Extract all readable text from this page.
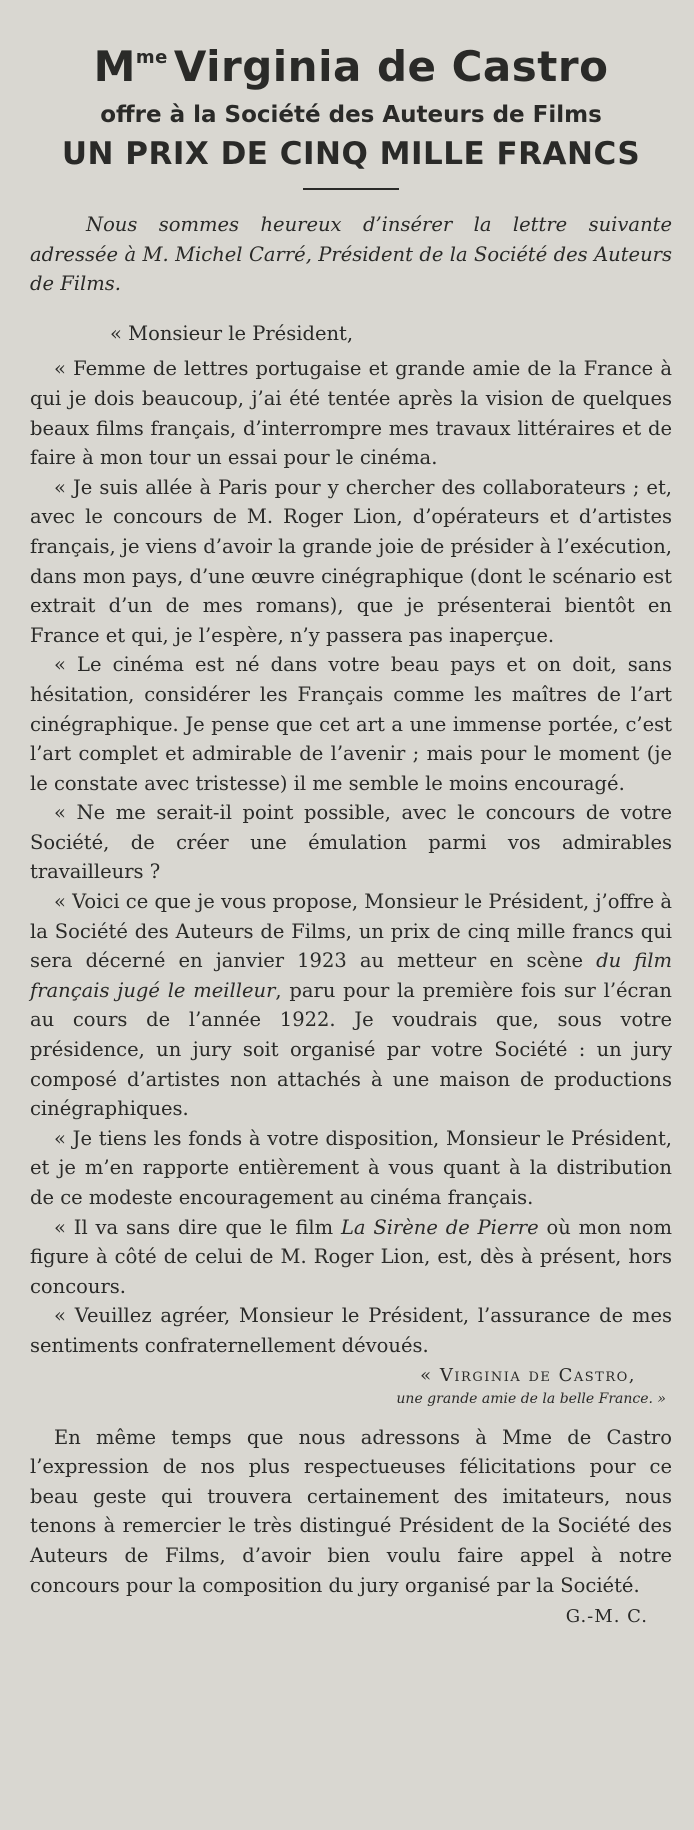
$M^{me}$ Virginia de Castro

offre à la Société des Auteurs de Films

UN PRIX DE CINQ MILLE FRANCS

Nous sommes heureux d’insérer la lettre suivante adressée à M. Michel Carré, Président de la Société des Auteurs de Films.

« Monsieur le Président,

« Femme de lettres portugaise et grande amie de la France à qui je dois beaucoup, j’ai été tentée après la vision de quelques beaux films français, d’interrompre mes travaux littéraires et de faire à mon tour un essai pour le cinéma.

« Je suis allée à Paris pour y chercher des collaborateurs ; et, avec le concours de M. Roger Lion, d’opérateurs et d’artistes français, je viens d’avoir la grande joie de présider à l’exécution, dans mon pays, d’une œuvre cinégraphique (dont le scénario est extrait d’un de mes romans), que je présenterai bientôt en France et qui, je l’espère, n’y passera pas inaperçue.

« Le cinéma est né dans votre beau pays et on doit, sans hésitation, considérer les Français comme les maîtres de l’art cinégraphique. Je pense que cet art a une immense portée, c’est l’art complet et admirable de l’avenir ; mais pour le moment (je le constate avec tristesse) il me semble le moins encouragé.

« Ne me serait-il point possible, avec le concours de votre Société, de créer une émulation parmi vos admirables travailleurs ?

« Voici ce que je vous propose, Monsieur le Président, j’offre à la Société des Auteurs de Films, un prix de cinq mille francs qui sera décerné en janvier 1923 au metteur en scène du film français jugé le meilleur, paru pour la première fois sur l’écran au cours de l’année 1922. Je voudrais que, sous votre présidence, un jury soit organisé par votre Société : un jury composé d’artistes non attachés à une maison de productions cinégraphiques.

« Je tiens les fonds à votre disposition, Monsieur le Président, et je m’en rapporte entièrement à vous quant à la distribution de ce modeste encouragement au cinéma français.

« Il va sans dire que le film La Sirène de Pierre où mon nom figure à côté de celui de M. Roger Lion, est, dès à présent, hors concours.

« Veuillez agréer, Monsieur le Président, l’assurance de mes sentiments confraternellement dévoués.

« Virginia de Castro,

une grande amie de la belle France. »

En même temps que nous adressons à Mme de Castro l’expression de nos plus respectueuses félicitations pour ce beau geste qui trouvera certainement des imitateurs, nous tenons à remercier le très distingué Président de la Société des Auteurs de Films, d’avoir bien voulu faire appel à notre concours pour la composition du jury organisé par la Société.

G.-M. C.
